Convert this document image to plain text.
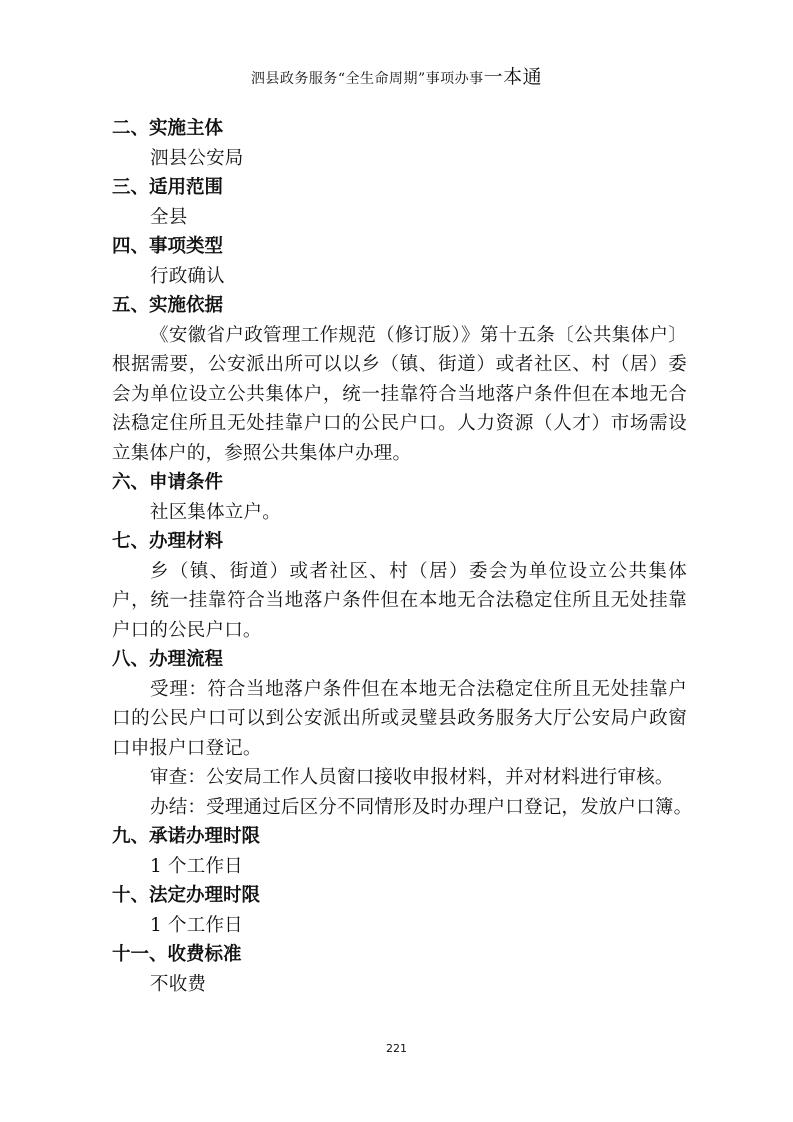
泗县政务服务“全生命周期”事项办事一本通

二、实施主体

泗县公安局

三、适用范围

全县

四、事项类型

行政确认

五、实施依据

《安徽省户政管理工作规范（修订版）》第十五条〔公共集体户〕根据需要，公安派出所可以以乡（镇、街道）或者社区、村（居）委会为单位设立公共集体户，统一挂靠符合当地落户条件但在本地无合法稳定住所且无处挂靠户口的公民户口。人力资源（人才）市场需设立集体户的，参照公共集体户办理。

六、申请条件

社区集体立户。

七、办理材料

乡（镇、街道）或者社区、村（居）委会为单位设立公共集体户，统一挂靠符合当地落户条件但在本地无合法稳定住所且无处挂靠户口的公民户口。

八、办理流程

受理：符合当地落户条件但在本地无合法稳定住所且无处挂靠户口的公民户口可以到公安派出所或灵璧县政务服务大厅公安局户政窗口申报户口登记。

审查：公安局工作人员窗口接收申报材料，并对材料进行审核。

办结：受理通过后区分不同情形及时办理户口登记，发放户口簿。

九、承诺办理时限

1 个工作日

十、法定办理时限

1 个工作日

十一、收费标准

不收费

221
